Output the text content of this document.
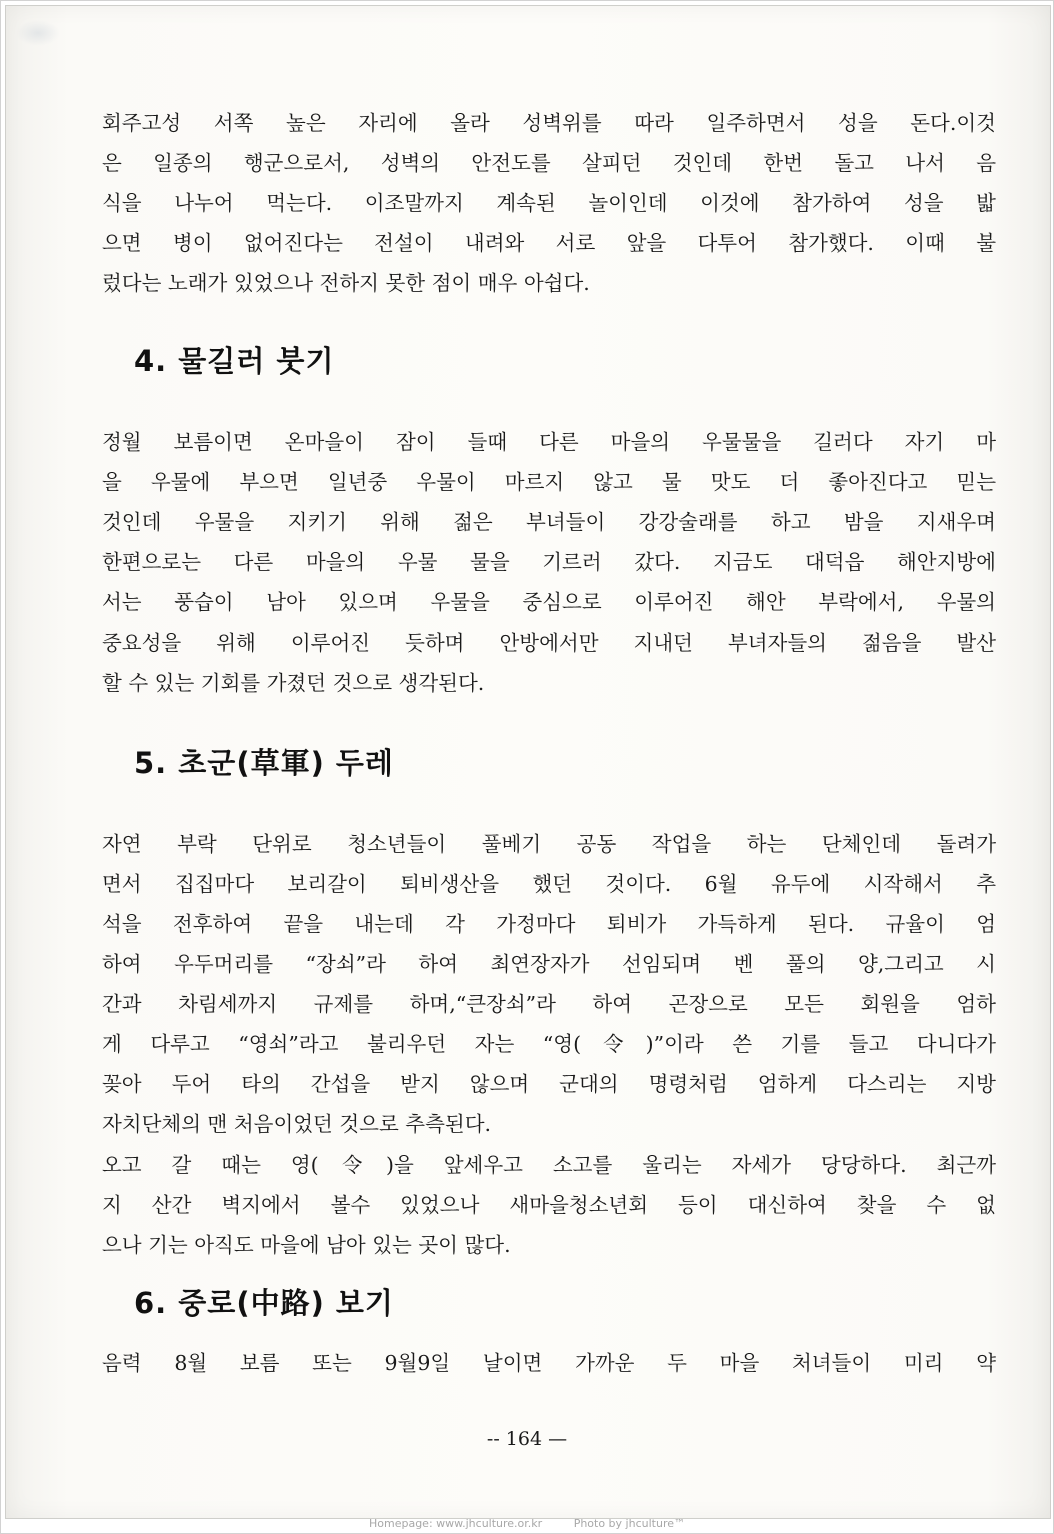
회주고성 서쪽 높은 자리에 올라 성벽위를 따라 일주하면서 성을 돈다.이것

은 일종의 행군으로서, 성벽의 안전도를 살피던 것인데 한번 돌고 나서 음

식을 나누어 먹는다. 이조말까지 계속된 놀이인데 이것에 참가하여 성을 밟

으면 병이 없어진다는 전설이 내려와 서로 앞을 다투어 참가했다. 이때 불

렀다는 노래가 있었으나 전하지 못한 점이 매우 아쉽다.

4. 물길러 붓기

정월 보름이면 온마을이 잠이 들때 다른 마을의 우물물을 길러다 자기 마

을 우물에 부으면 일년중 우물이 마르지 않고 물 맛도 더 좋아진다고 믿는

것인데 우물을 지키기 위해 젊은 부녀들이 강강술래를 하고 밤을 지새우며

한편으로는 다른 마을의 우물 물을 기르러 갔다. 지금도 대덕읍 해안지방에

서는 풍습이 남아 있으며 우물을 중심으로 이루어진 해안 부락에서, 우물의

중요성을 위해 이루어진 듯하며 안방에서만 지내던 부녀자들의 젊음을 발산

할 수 있는 기회를 가졌던 것으로 생각된다.

5. 초군(草軍) 두레

자연 부락 단위로 청소년들이 풀베기 공동 작업을 하는 단체인데 돌려가

면서 집집마다 보리갈이 퇴비생산을 했던 것이다. 6월 유두에 시작해서 추

석을 전후하여 끝을 내는데 각 가정마다 퇴비가 가득하게 된다. 규율이 엄

하여 우두머리를 “장쇠”라 하여 최연장자가 선임되며 벤 풀의 양,그리고 시

간과 차림세까지 규제를 하며,“큰장쇠”라 하여 곤장으로 모든 회원을 엄하

게 다루고 “영쇠”라고 불리우던 자는 “영(令)”이라 쓴 기를 들고 다니다가

꽂아 두어 타의 간섭을 받지 않으며 군대의 명령처럼 엄하게 다스리는 지방

자치단체의 맨 처음이었던 것으로 추측된다.

오고 갈 때는 영(令)을 앞세우고 소고를 울리는 자세가 당당하다. 최근까

지 산간 벽지에서 볼수 있었으나 새마을청소년회 등이 대신하여 찾을 수 없

으나 기는 아직도 마을에 남아 있는 곳이 많다.

6. 중로(中路) 보기

음력 8월 보름 또는 9월9일 날이면 가까운 두 마을 처녀들이 미리 약

-- 164 —
Homepage: www.jhculture.or.kr	Photo by jhculture™
